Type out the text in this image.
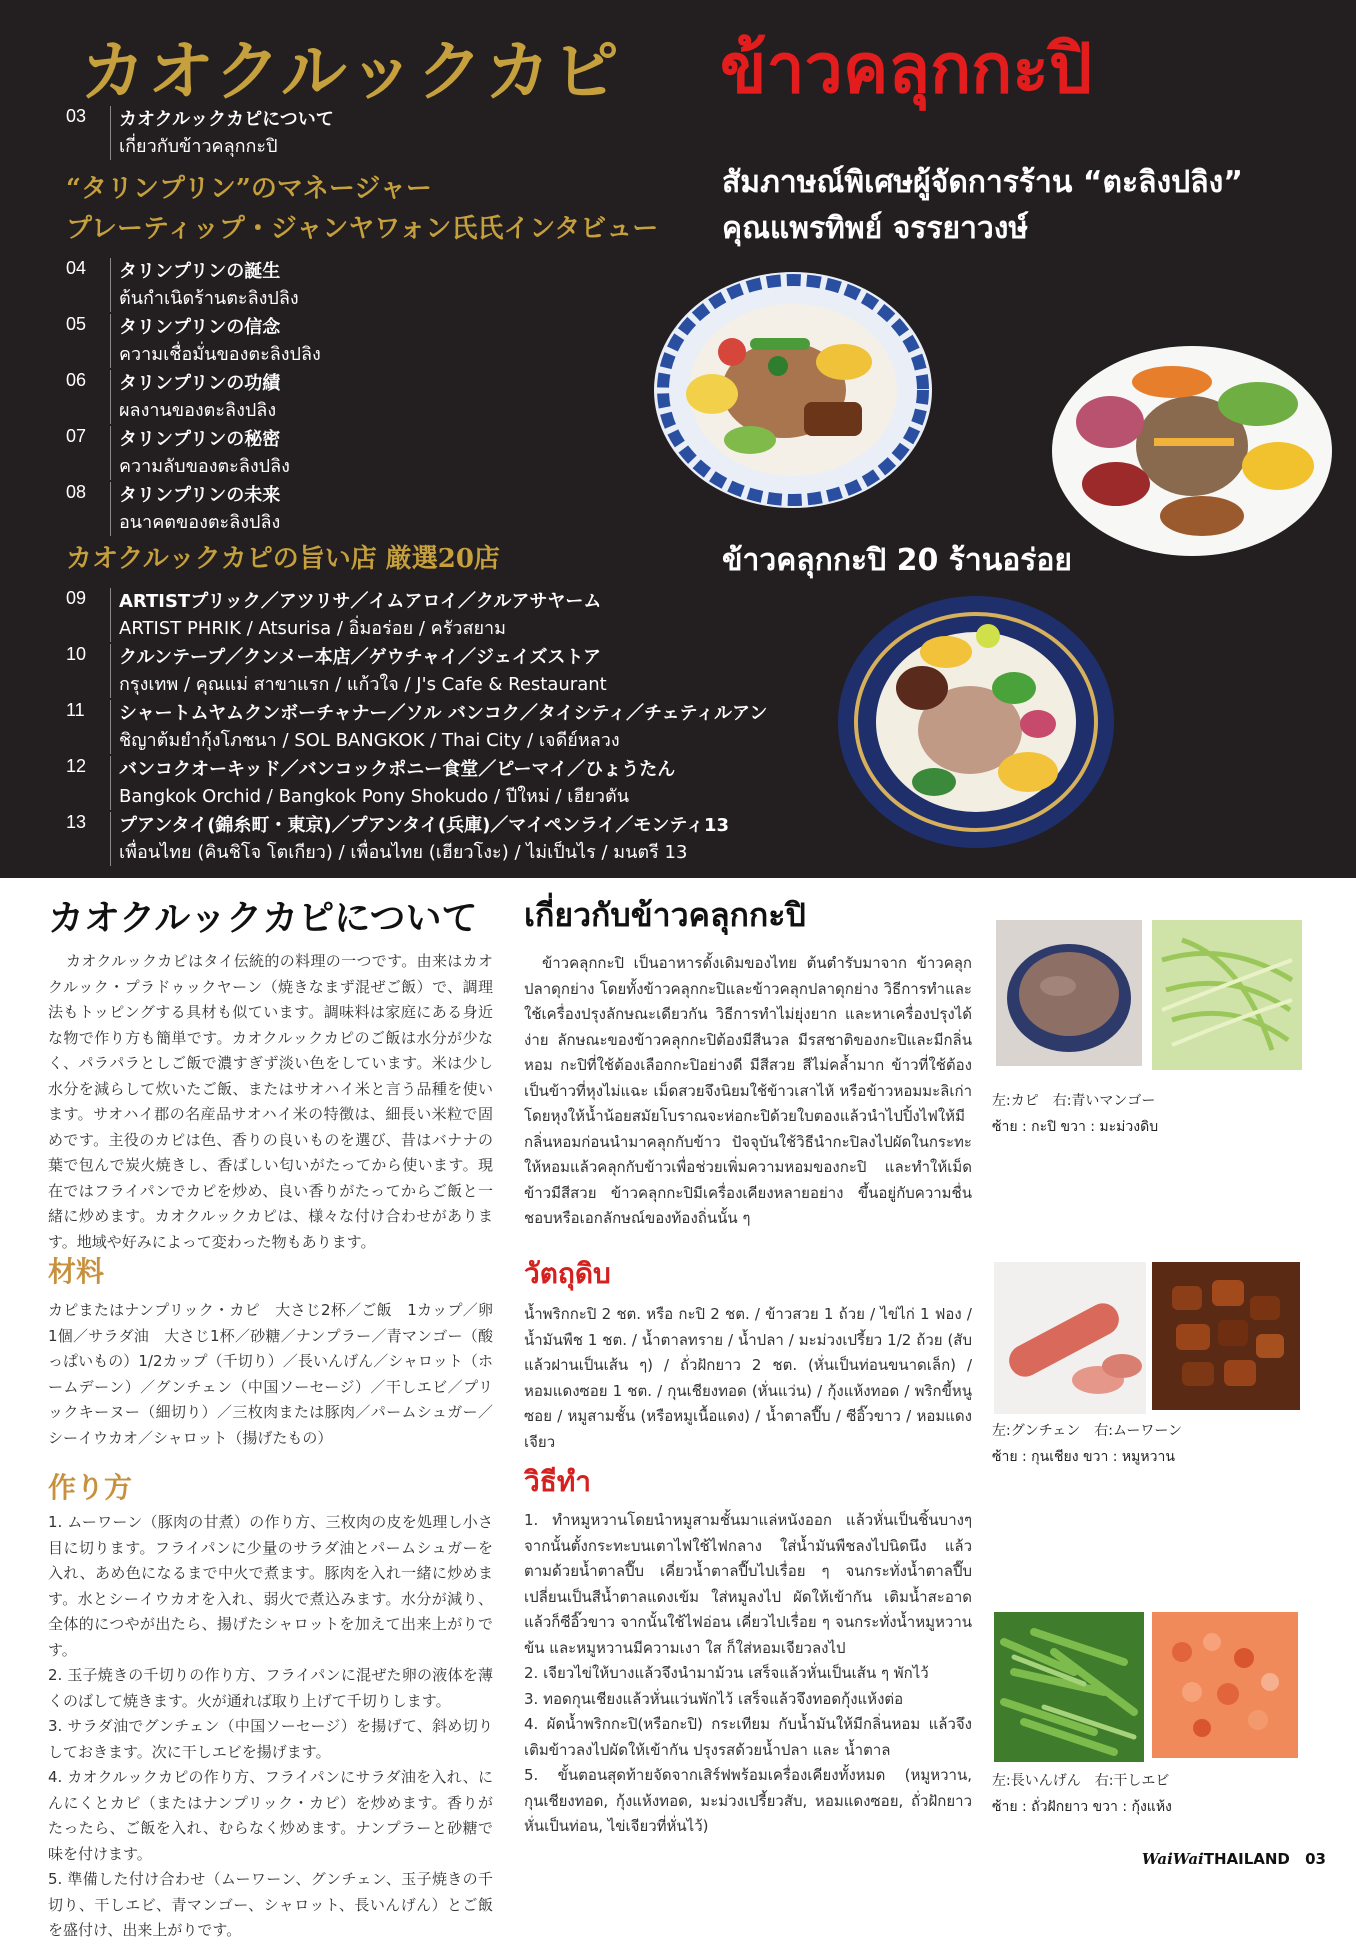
カオクルックカピ ข้าวคลุกกะปิ
03	カオクルックカピについて
เกี่ยวกับข้าวคลุกกะปิ
“タリンプリン”のマネージャー
プレーティップ・ジャンヤワォン氏氏インタビュー
04	タリンプリンの誕生
ต้นกำเนิดร้านตะลิงปลิง
05	タリンプリンの信念
ความเชื่อมั่นของตะลิงปลิง
06	タリンプリンの功績
ผลงานของตะลิงปลิง
07	タリンプリンの秘密
ความลับของตะลิงปลิง
08	タリンプリンの未来
อนาคตของตะลิงปลิง
カオクルックカピの旨い店 厳選20店
09	ARTISTプリック／アツリサ／イムアロイ／クルアサヤーム
ARTIST PHRIK / Atsurisa / อิ่มอร่อย / ครัวสยาม
10	クルンテープ／クンメー本店／ゲウチャイ／ジェイズストア
กรุงเทพ / คุณแม่ สาขาแรก / แก้วใจ / J's Cafe & Restaurant
11	シャートムヤムクンボーチャナー／ソル バンコク／タイシティ／チェティルアン
ชิญาต้มยำกุ้งโภชนา / SOL BANGKOK / Thai City / เจดีย์หลวง
12	バンコクオーキッド／バンコックポニー食堂／ピーマイ／ひょうたん
Bangkok Orchid / Bangkok Pony Shokudo / ปีใหม่ / เฮียวตัน
13	プアンタイ(錦糸町・東京)／プアンタイ(兵庫)／マイペンライ／モンティ13
เพื่อนไทย (คินชิโจ โตเกียว) / เพื่อนไทย (เฮียวโงะ) / ไม่เป็นไร / มนตรี 13
สัมภาษณ์พิเศษผู้จัดการร้าน “ตะลิงปลิง”
คุณแพรทิพย์ จรรยาวงษ์
ข้าวคลุกกะปิ 20 ร้านอร่อย
カオクルックカピについて

カオクルックカピはタイ伝統的の料理の一つです。由来はカオクルック・プラドゥックヤーン（焼きなまず混ぜご飯）で、調理法もトッピングする具材も似ています。調味料は家庭にある身近な物で作り方も簡単です。カオクルックカピのご飯は水分が少なく、パラパラとしご飯で濃すぎず淡い色をしています。米は少し水分を減らして炊いたご飯、またはサオハイ米と言う品種を使います。サオハイ郡の名産品サオハイ米の特徴は、細長い米粒で固めです。主役のカピは色、香りの良いものを選び、昔はバナナの葉で包んで炭火焼きし、香ばしい匂いがたってから使います。現在ではフライパンでカピを炒め、良い香りがたってからご飯と一緒に炒めます。カオクルックカピは、様々な付け合わせがあります。地域や好みによって変わった物もあります。

材料

カピまたはナンプリック・カピ　大さじ2杯／ご飯　1カップ／卵　1個／サラダ油　大さじ1杯／砂糖／ナンプラー／青マンゴー（酸っぱいもの）1/2カップ（千切り）／長いんげん／シャロット（ホームデーン）／グンチェン（中国ソーセージ）／干しエビ／プリックキーヌー（細切り）／三枚肉または豚肉／パームシュガー／シーイウカオ／シャロット（揚げたもの）

作り方

1. ムーワーン（豚肉の甘煮）の作り方、三枚肉の皮を処理し小さ目に切ります。フライパンに少量のサラダ油とパームシュガーを入れ、あめ色になるまで中火で煮ます。豚肉を入れ一緒に炒めます。水とシーイウカオを入れ、弱火で煮込みます。水分が減り、全体的につやが出たら、揚げたシャロットを加えて出来上がりです。

2. 玉子焼きの千切りの作り方、フライパンに混ぜた卵の液体を薄くのばして焼きます。火が通れば取り上げて千切りします。

3. サラダ油でグンチェン（中国ソーセージ）を揚げて、斜め切りしておきます。次に干しエビを揚げます。

4. カオクルックカピの作り方、フライパンにサラダ油を入れ、にんにくとカピ（またはナンプリック・カピ）を炒めます。香りがたったら、ご飯を入れ、むらなく炒めます。ナンプラーと砂糖で味を付けます。

5. 準備した付け合わせ（ムーワーン、グンチェン、玉子焼きの千切り、干しエビ、青マンゴー、シャロット、長いんげん）とご飯を盛付け、出来上がりです。

เกี่ยวกับข้าวคลุกกะปิ

ข้าวคลุกกะปิ เป็นอาหารดั้งเดิมของไทย ต้นตำรับมาจาก ข้าวคลุกปลาดุกย่าง โดยทั้งข้าวคลุกกะปิและข้าวคลุกปลาดุกย่าง วิธีการทำและใช้เครื่องปรุงลักษณะเดียวกัน วิธีการทำไม่ยุ่งยาก และหาเครื่องปรุงได้ง่าย ลักษณะของข้าวคลุกกะปิต้องมีสีนวล มีรสชาติของกะปิและมีกลิ่นหอม กะปิที่ใช้ต้องเลือกกะปิอย่างดี มีสีสวย สีไม่คล้ำมาก ข้าวที่ใช้ต้องเป็นข้าวที่หุงไม่แฉะ เม็ดสวยจึงนิยมใช้ข้าวเสาไห้ หรือข้าวหอมมะลิเก่าโดยหุงให้น้ำน้อยสมัยโบราณจะห่อกะปิด้วยใบตองแล้วนำไปปิ้งไฟให้มีกลิ่นหอมก่อนนำมาคลุกกับข้าว ปัจจุบันใช้วิธีนำกะปิลงไปผัดในกระทะให้หอมแล้วคลุกกับข้าวเพื่อช่วยเพิ่มความหอมของกะปิ และทำให้เม็ดข้าวมีสีสวย ข้าวคลุกกะปิมีเครื่องเคียงหลายอย่าง ขึ้นอยู่กับความชื่นชอบหรือเอกลักษณ์ของท้องถิ่นนั้น ๆ

วัตถุดิบ

น้ำพริกกะปิ 2 ชต. หรือ กะปิ 2 ชต. / ข้าวสวย 1 ถ้วย / ไข่ไก่ 1 ฟอง / น้ำมันพืช 1 ชต. / น้ำตาลทราย / น้ำปลา / มะม่วงเปรี้ยว 1/2 ถ้วย (สับแล้วฝานเป็นเส้น ๆ) / ถั่วฝักยาว 2 ชต. (หั่นเป็นท่อนขนาดเล็ก) / หอมแดงซอย 1 ชต. / กุนเชียงทอด (หั่นแว่น) / กุ้งแห้งทอด / พริกขี้หนูซอย / หมูสามชั้น (หรือหมูเนื้อแดง) / น้ำตาลปี๊บ / ซีอิ๊วขาว / หอมแดงเจียว

วิธีทำ

1. ทำหมูหวานโดยนำหมูสามชั้นมาแล่หนังออก แล้วหั่นเป็นชิ้นบางๆ จากนั้นตั้งกระทะบนเตาไฟใช้ไฟกลาง ใส่น้ำมันพืชลงไปนิดนึง แล้วตามด้วยน้ำตาลปี๊บ เคี่ยวน้ำตาลปี๊บไปเรื่อย ๆ จนกระทั่งน้ำตาลปี๊บเปลี่ยนเป็นสีน้ำตาลแดงเข้ม ใส่หมูลงไป ผัดให้เข้ากัน เติมน้ำสะอาดแล้วก็ซีอิ๊วขาว จากนั้นใช้ไฟอ่อน เคี่ยวไปเรื่อย ๆ จนกระทั่งน้ำหมูหวานข้น และหมูหวานมีความเงา ใส ก็ใส่หอมเจียวลงไป

2. เจียวไข่ให้บางแล้วจึงนำมาม้วน เสร็จแล้วหั่นเป็นเส้น ๆ พักไว้

3. ทอดกุนเชียงแล้วหั่นแว่นพักไว้ เสร็จแล้วจึงทอดกุ้งแห้งต่อ

4. ผัดน้ำพริกกะปิ(หรือกะปิ) กระเทียม กับน้ำมันให้มีกลิ่นหอม แล้วจึงเติมข้าวลงไปผัดให้เข้ากัน ปรุงรสด้วยน้ำปลา และ น้ำตาล

5. ขั้นตอนสุดท้ายจัดจากเสิร์ฟพร้อมเครื่องเคียงทั้งหมด (หมูหวาน, กุนเชียงทอด, กุ้งแห้งทอด, มะม่วงเปรี้ยวสับ, หอมแดงซอย, ถั่วฝักยาวหั่นเป็นท่อน, ไข่เจียวที่หั่นไว้)

左:カピ　右:青いマンゴー
ซ้าย : กะปิ ขวา : มะม่วงดิบ
左:グンチェン　右:ムーワーン
ซ้าย : กุนเชียง ขวา : หมูหวาน
左:長いんげん　右:干しエビ
ซ้าย : ถั่วฝักยาว ขวา : กุ้งแห้ง
WaiWaiTHAILAND 03
